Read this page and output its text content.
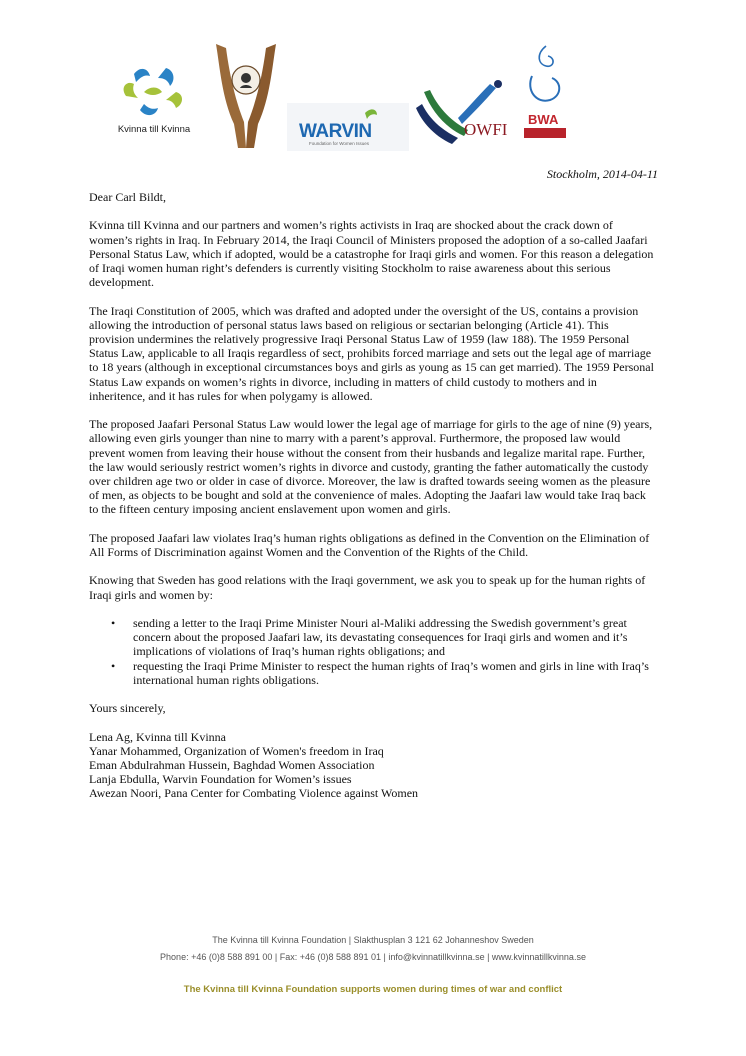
Kvinna till Kvinna	WARVIN
Foundation for Women Issues
OWFI
BWA
Stockholm, 2014-04-11

Dear Carl Bildt,

Kvinna till Kvinna and our partners and women’s rights activists in Iraq are shocked about the crack down of women’s rights in Iraq. In February 2014, the Iraqi Council of Ministers proposed the adoption of a so-called Jaafari Personal Status Law, which if adopted, would be a catastrophe for Iraqi girls and women. For this reason a delegation of Iraqi women human right’s defenders is currently visiting Stockholm to raise awareness about this serious development.

The Iraqi Constitution of 2005, which was drafted and adopted under the oversight of the US, contains a provision allowing the introduction of personal status laws based on religious or sectarian belonging (Article 41). This provision undermines the relatively progressive Iraqi Personal Status Law of 1959 (law 188). The 1959 Personal Status Law, applicable to all Iraqis regardless of sect, prohibits forced marriage and sets out the legal age of marriage to 18 years (although in exceptional circumstances boys and girls as young as 15 can get married). The 1959 Personal Status Law expands on women’s rights in divorce, including in matters of child custody to mothers and in inheritence, and it has rules for when polygamy is allowed.

The proposed Jaafari Personal Status Law would lower the legal age of marriage for girls to the age of nine (9) years, allowing even girls younger than nine to marry with a parent’s approval. Furthermore, the proposed law would prevent women from leaving their house without the consent from their husbands and legalize marital rape. Further, the law would seriously restrict women’s rights in divorce and custody, granting the father automatically the custody over children age two or older in case of divorce. Moreover, the law is drafted towards seeing women as the pleasure of men, as objects to be bought and sold at the convenience of males. Adopting the Jaafari law would take Iraq back to the fifteen century imposing ancient enslavement upon women and girls.

The proposed Jaafari law violates Iraq’s human rights obligations as defined in the Convention on the Elimination of All Forms of Discrimination against Women and the Convention of the Rights of the Child.

Knowing that Sweden has good relations with the Iraqi government, we ask you to speak up for the human rights of Iraqi girls and women by:

• sending a letter to the Iraqi Prime Minister Nouri al-Maliki addressing the Swedish government’s great concern about the proposed Jaafari law, its devastating consequences for Iraqi girls and women and it’s implications of violations of Iraq’s human rights obligations; and
• requesting the Iraqi Prime Minister to respect the human rights of Iraq’s women and girls in line with Iraq’s international human rights obligations.

Yours sincerely,

Lena Ag, Kvinna till Kvinna
Yanar Mohammed, Organization of Women's freedom in Iraq
Eman Abdulrahman Hussein, Baghdad Women Association
Lanja Ebdulla, Warvin Foundation for Women’s issues
Awezan Noori, Pana Center for Combating Violence against Women
The Kvinna till Kvinna Foundation | Slakthusplan 3 121 62 Johanneshov Sweden
Phone: +46 (0)8 588 891 00 | Fax: +46 (0)8 588 891 01 | info@kvinnatillkvinna.se | www.kvinnatillkvinna.se
The Kvinna till Kvinna Foundation supports women during times of war and conflict
